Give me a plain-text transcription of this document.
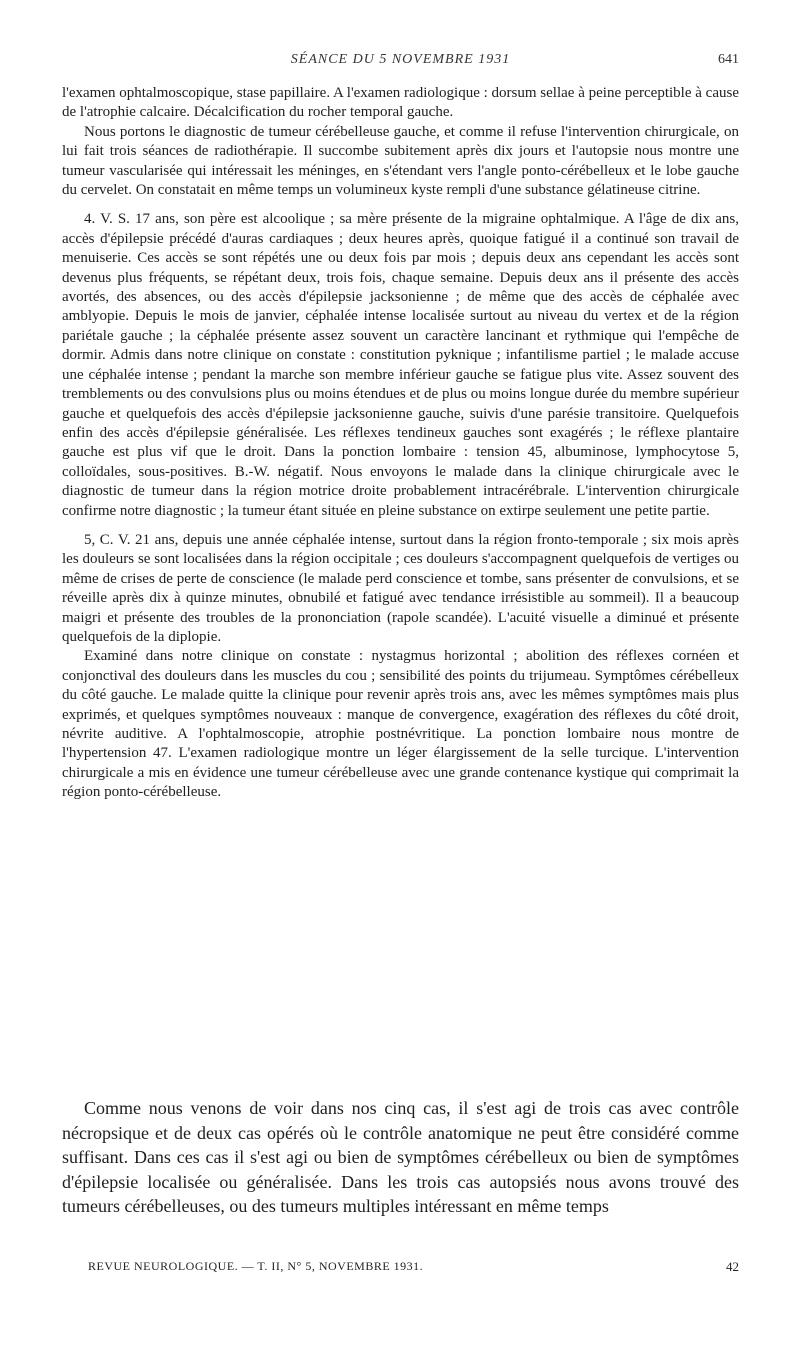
SÉANCE DU 5 NOVEMBRE 1931	641

l'examen ophtalmoscopique, stase papillaire. A l'examen radiologique : dorsum sellae à peine perceptible à cause de l'atrophie calcaire. Décalcification du rocher temporal gauche.

Nous portons le diagnostic de tumeur cérébelleuse gauche, et comme il refuse l'intervention chirurgicale, on lui fait trois séances de radiothérapie. Il succombe subitement après dix jours et l'autopsie nous montre une tumeur vascularisée qui intéressait les méninges, en s'étendant vers l'angle ponto-cérébelleux et le lobe gauche du cervelet. On constatait en même temps un volumineux kyste rempli d'une substance gélatineuse citrine.

4. V. S. 17 ans, son père est alcoolique ; sa mère présente de la migraine ophtalmique. A l'âge de dix ans, accès d'épilepsie précédé d'auras cardiaques ; deux heures après, quoique fatigué il a continué son travail de menuiserie. Ces accès se sont répétés une ou deux fois par mois ; depuis deux ans cependant les accès sont devenus plus fréquents, se répétant deux, trois fois, chaque semaine. Depuis deux ans il présente des accès avortés, des absences, ou des accès d'épilepsie jacksonienne ; de même que des accès de céphalée avec amblyopie. Depuis le mois de janvier, céphalée intense localisée surtout au niveau du vertex et de la région pariétale gauche ; la céphalée présente assez souvent un caractère lancinant et rythmique qui l'empêche de dormir. Admis dans notre clinique on constate : constitution pyknique ; infantilisme partiel ; le malade accuse une céphalée intense ; pendant la marche son membre inférieur gauche se fatigue plus vite. Assez souvent des tremblements ou des convulsions plus ou moins étendues et de plus ou moins longue durée du membre supérieur gauche et quelquefois des accès d'épilepsie jacksonienne gauche, suivis d'une parésie transitoire. Quelquefois enfin des accès d'épilepsie généralisée. Les réflexes tendineux gauches sont exagérés ; le réflexe plantaire gauche est plus vif que le droit. Dans la ponction lombaire : tension 45, albuminose, lymphocytose 5, colloïdales, sous-positives. B.-W. négatif. Nous envoyons le malade dans la clinique chirurgicale avec le diagnostic de tumeur dans la région motrice droite probablement intracérébrale. L'intervention chirurgicale confirme notre diagnostic ; la tumeur étant située en pleine substance on extirpe seulement une petite partie.

5, C. V. 21 ans, depuis une année céphalée intense, surtout dans la région fronto-temporale ; six mois après les douleurs se sont localisées dans la région occipitale ; ces douleurs s'accompagnent quelquefois de vertiges ou même de crises de perte de conscience (le malade perd conscience et tombe, sans présenter de convulsions, et se réveille après dix à quinze minutes, obnubilé et fatigué avec tendance irrésistible au sommeil). Il a beaucoup maigri et présente des troubles de la prononciation (rapole scandée). L'acuité visuelle a diminué et présente quelquefois de la diplopie.

Examiné dans notre clinique on constate : nystagmus horizontal ; abolition des réflexes cornéen et conjonctival des douleurs dans les muscles du cou ; sensibilité des points du trijumeau. Symptômes cérébelleux du côté gauche. Le malade quitte la clinique pour revenir après trois ans, avec les mêmes symptômes mais plus exprimés, et quelques symptômes nouveaux : manque de convergence, exagération des réflexes du côté droit, névrite auditive. A l'ophtalmoscopie, atrophie postnévritique. La ponction lombaire nous montre de l'hypertension 47. L'examen radiologique montre un léger élargissement de la selle turcique. L'intervention chirurgicale a mis en évidence une tumeur cérébelleuse avec une grande contenance kystique qui comprimait la région ponto-cérébelleuse.

Comme nous venons de voir dans nos cinq cas, il s'est agi de trois cas avec contrôle nécropsique et de deux cas opérés où le contrôle anatomique ne peut être considéré comme suffisant. Dans ces cas il s'est agi ou bien de symptômes cérébelleux ou bien de symptômes d'épilepsie localisée ou généralisée. Dans les trois cas autopsiés nous avons trouvé des tumeurs cérébelleuses, ou des tumeurs multiples intéressant en même temps

REVUE NEUROLOGIQUE. — T. II, N° 5, NOVEMBRE 1931.	42
